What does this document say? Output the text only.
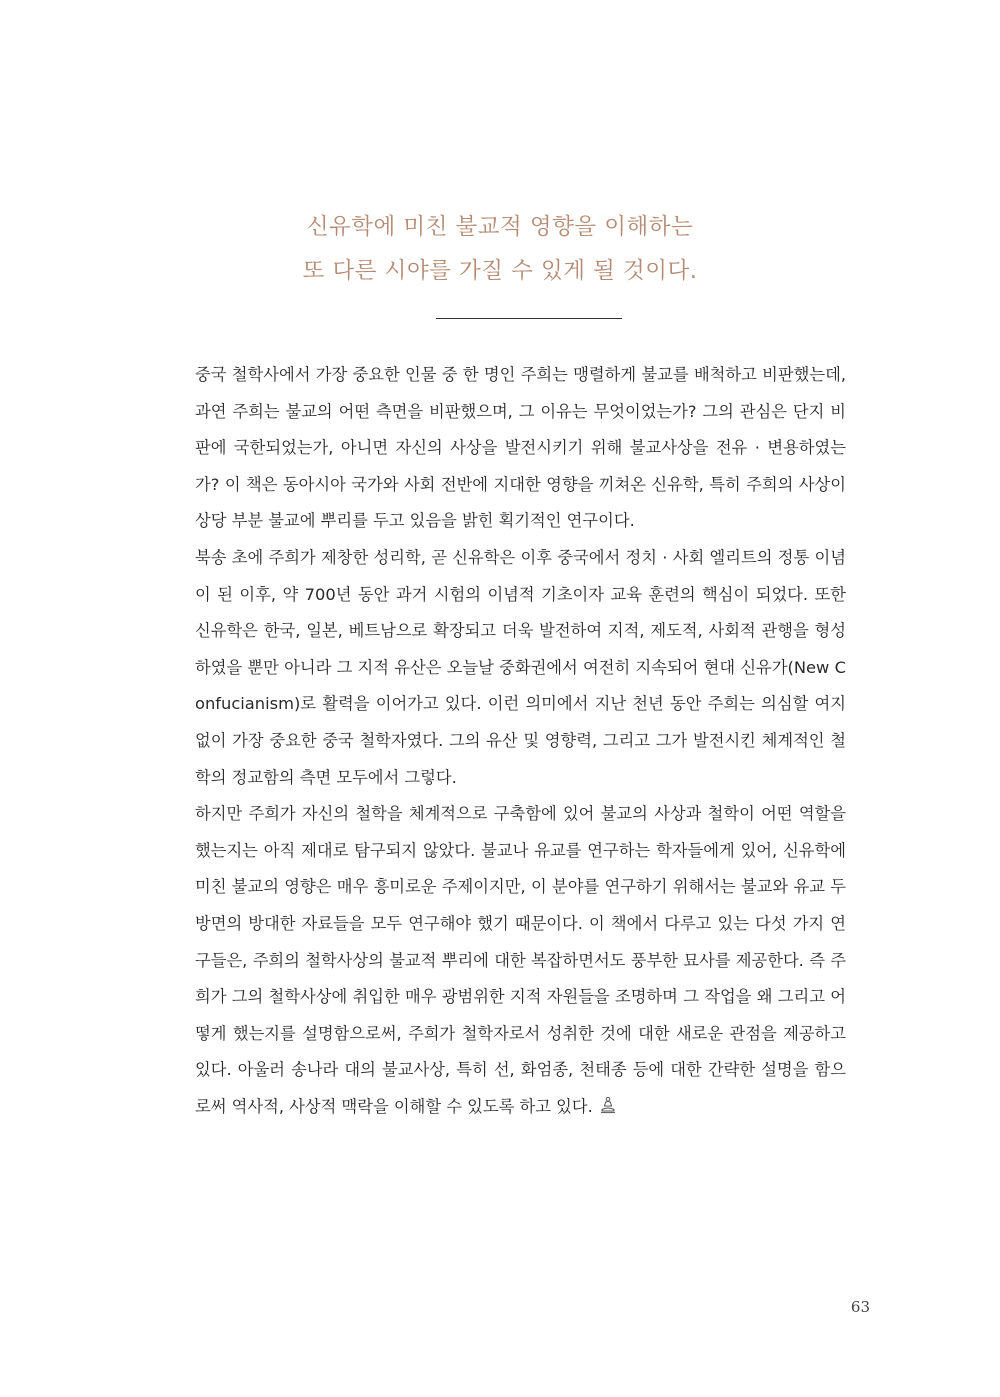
신유학에 미친 불교적 영향을 이해하는
또 다른 시야를 가질 수 있게 될 것이다.

중국 철학사에서 가장 중요한 인물 중 한 명인 주희는 맹렬하게 불교를 배척하고 비판했는데, 과연 주희는 불교의 어떤 측면을 비판했으며, 그 이유는 무엇이었는가? 그의 관심은 단지 비판에 국한되었는가, 아니면 자신의 사상을 발전시키기 위해 불교사상을 전유 · 변용하였는가? 이 책은 동아시아 국가와 사회 전반에 지대한 영향을 끼쳐온 신유학, 특히 주희의 사상이 상당 부분 불교에 뿌리를 두고 있음을 밝힌 획기적인 연구이다.

북송 초에 주희가 제창한 성리학, 곧 신유학은 이후 중국에서 정치 · 사회 엘리트의 정통 이념이 된 이후, 약 700년 동안 과거 시험의 이념적 기초이자 교육 훈련의 핵심이 되었다. 또한 신유학은 한국, 일본, 베트남으로 확장되고 더욱 발전하여 지적, 제도적, 사회적 관행을 형성하였을 뿐만 아니라 그 지적 유산은 오늘날 중화권에서 여전히 지속되어 현대 신유가(New Confucianism)로 활력을 이어가고 있다. 이런 의미에서 지난 천년 동안 주희는 의심할 여지없이 가장 중요한 중국 철학자였다. 그의 유산 및 영향력, 그리고 그가 발전시킨 체계적인 철학의 정교함의 측면 모두에서 그렇다.

하지만 주희가 자신의 철학을 체계적으로 구축함에 있어 불교의 사상과 철학이 어떤 역할을 했는지는 아직 제대로 탐구되지 않았다. 불교나 유교를 연구하는 학자들에게 있어, 신유학에 미친 불교의 영향은 매우 흥미로운 주제이지만, 이 분야를 연구하기 위해서는 불교와 유교 두 방면의 방대한 자료들을 모두 연구해야 했기 때문이다. 이 책에서 다루고 있는 다섯 가지 연구들은, 주희의 철학사상의 불교적 뿌리에 대한 복잡하면서도 풍부한 묘사를 제공한다. 즉 주희가 그의 철학사상에 취입한 매우 광범위한 지적 자원들을 조명하며 그 작업을 왜 그리고 어떻게 했는지를 설명함으로써, 주희가 철학자로서 성취한 것에 대한 새로운 관점을 제공하고 있다. 아울러 송나라 대의 불교사상, 특히 선, 화엄종, 천태종 등에 대한 간략한 설명을 함으로써 역사적, 사상적 맥락을 이해할 수 있도록 하고 있다.

63
